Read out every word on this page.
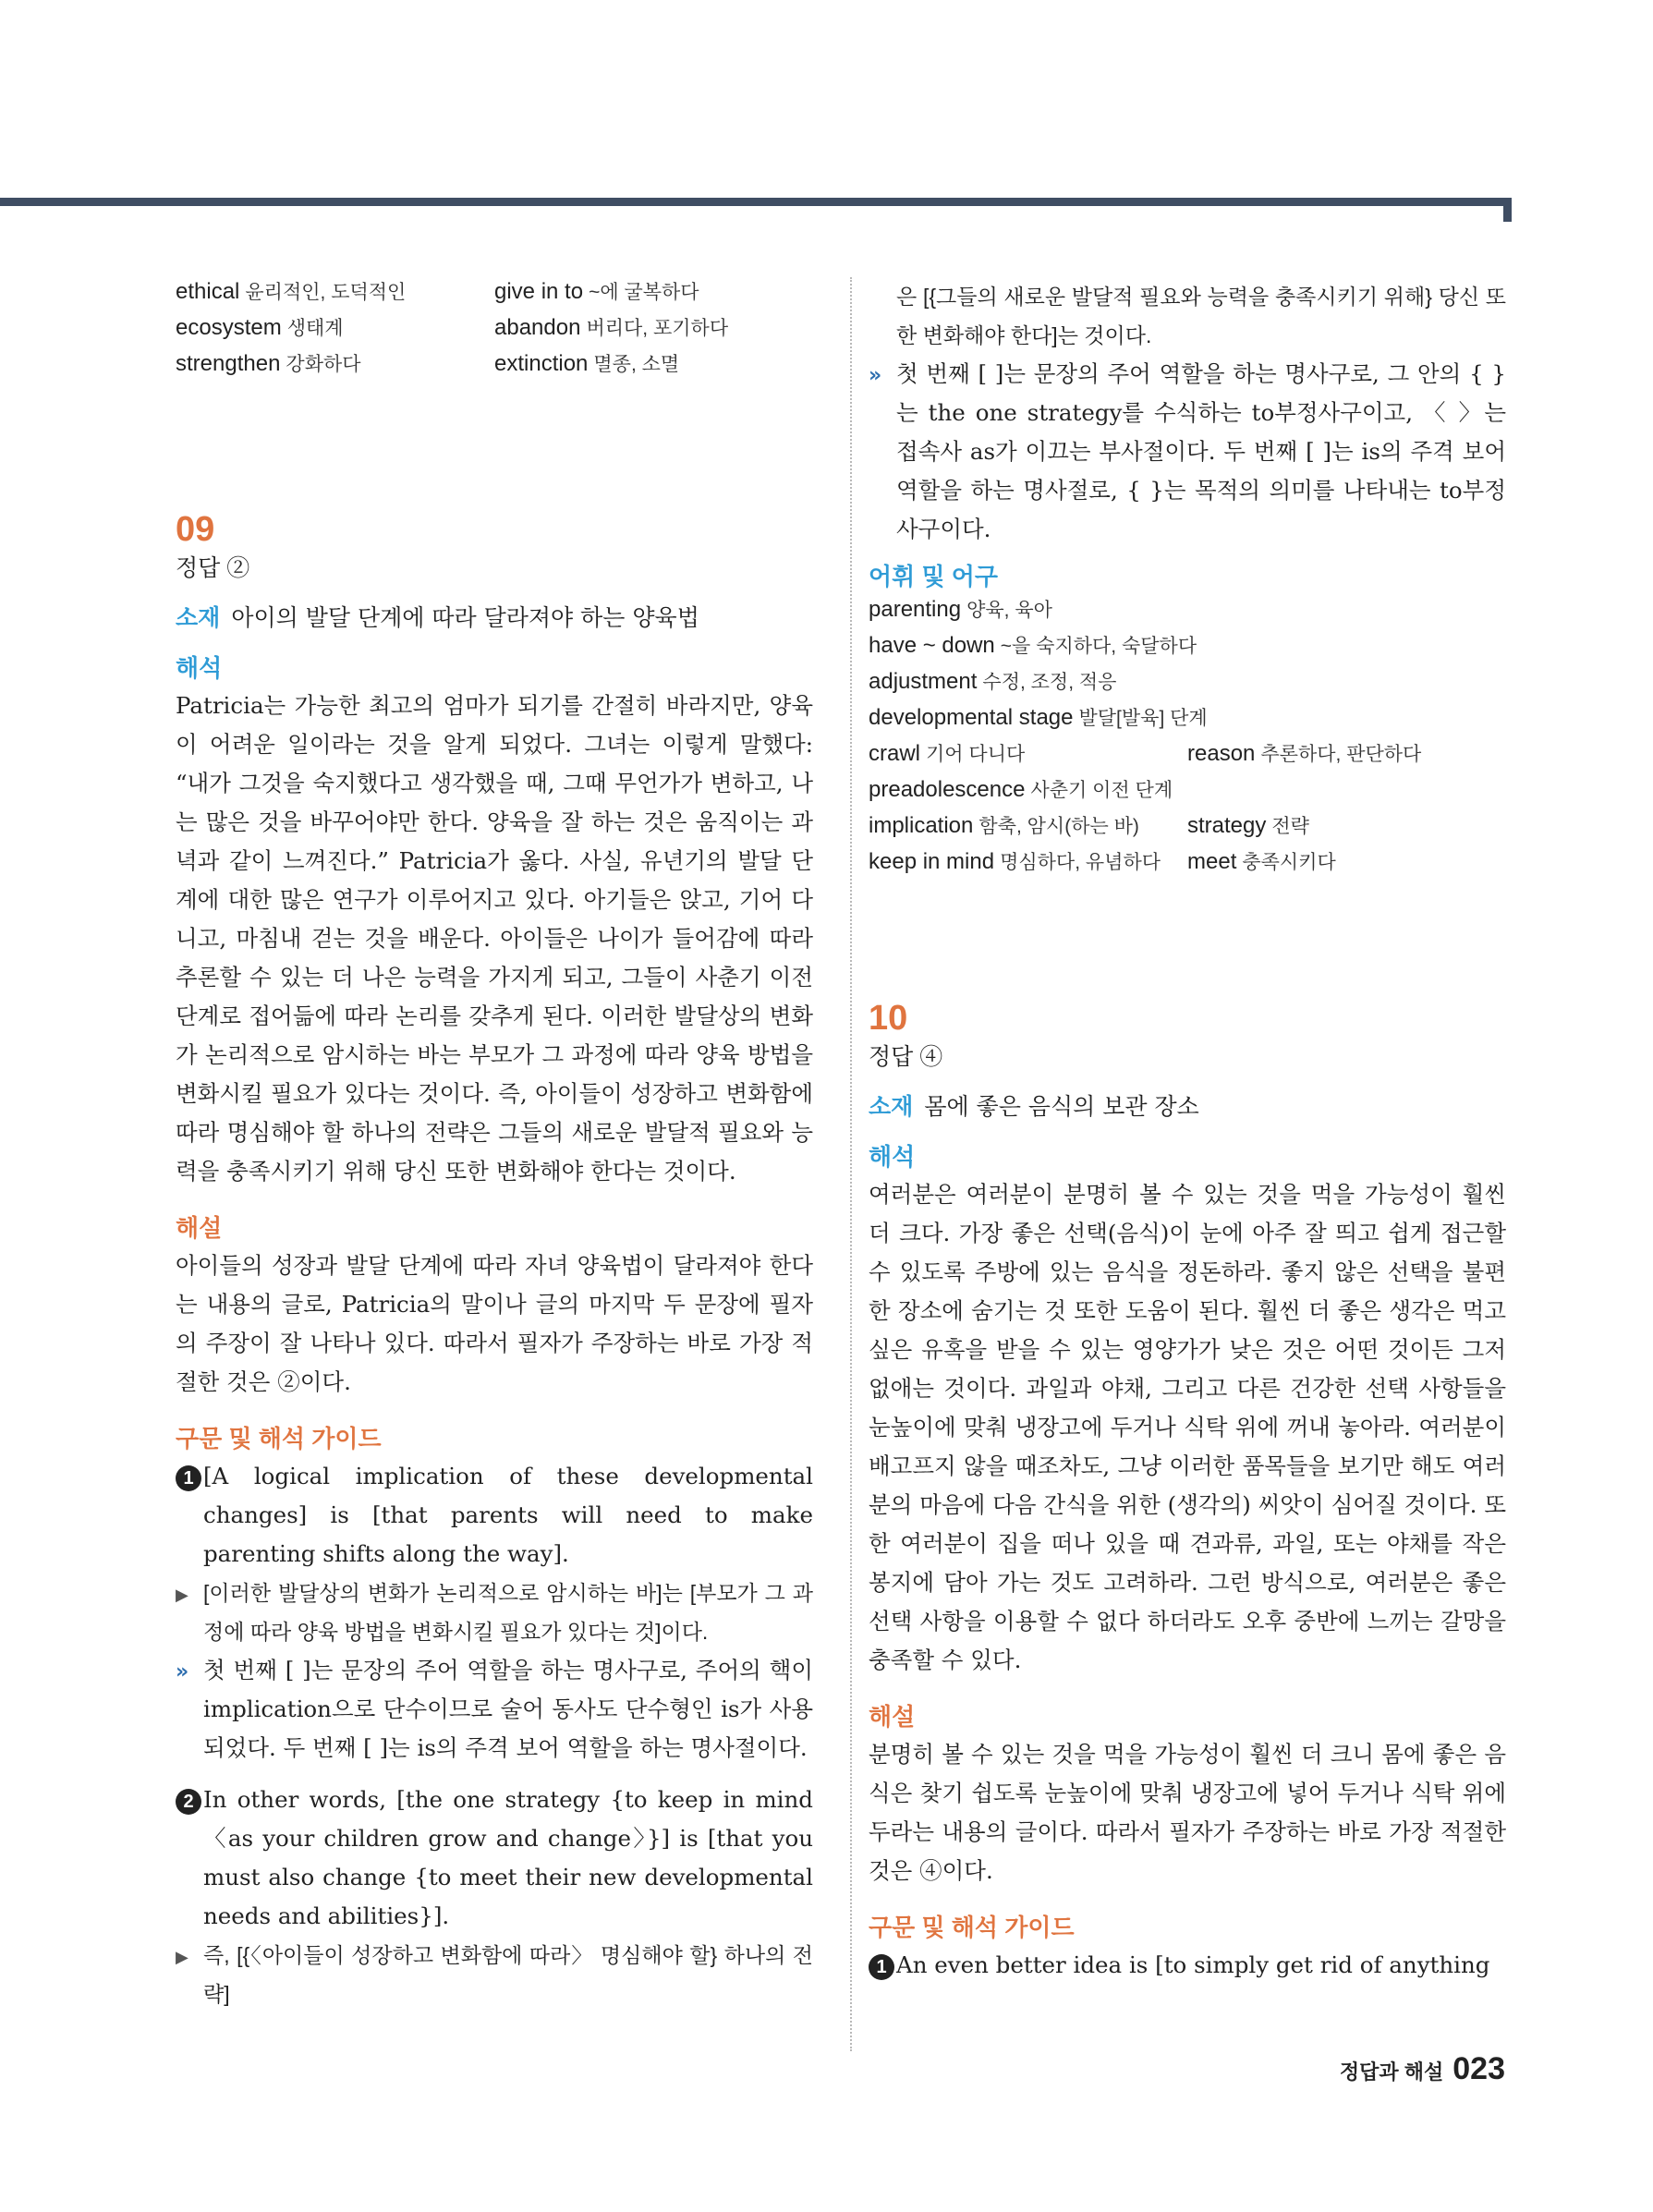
ethical 윤리적인, 도덕적인	give in to ~에 굴복하다
ecosystem 생태계	abandon 버리다, 포기하다
strengthen 강화하다	extinction 멸종, 소멸
09
정답 ②
소재 아이의 발달 단계에 따라 달라져야 하는 양육법
해석
Patricia는 가능한 최고의 엄마가 되기를 간절히 바라지만, 양육이 어려운 일이라는 것을 알게 되었다. 그녀는 이렇게 말했다: “내가 그것을 숙지했다고 생각했을 때, 그때 무언가가 변하고, 나는 많은 것을 바꾸어야만 한다. 양육을 잘 하는 것은 움직이는 과녁과 같이 느껴진다.” Patricia가 옳다. 사실, 유년기의 발달 단계에 대한 많은 연구가 이루어지고 있다. 아기들은 앉고, 기어 다니고, 마침내 걷는 것을 배운다. 아이들은 나이가 들어감에 따라 추론할 수 있는 더 나은 능력을 가지게 되고, 그들이 사춘기 이전 단계로 접어듦에 따라 논리를 갖추게 된다. 이러한 발달상의 변화가 논리적으로 암시하는 바는 부모가 그 과정에 따라 양육 방법을 변화시킬 필요가 있다는 것이다. 즉, 아이들이 성장하고 변화함에 따라 명심해야 할 하나의 전략은 그들의 새로운 발달적 필요와 능력을 충족시키기 위해 당신 또한 변화해야 한다는 것이다.
해설
아이들의 성장과 발달 단계에 따라 자녀 양육법이 달라져야 한다는 내용의 글로, Patricia의 말이나 글의 마지막 두 문장에 필자의 주장이 잘 나타나 있다. 따라서 필자가 주장하는 바로 가장 적절한 것은 ②이다.
구문 및 해석 가이드
1 [A logical implication of these developmental changes] is [that parents will need to make parenting shifts along the way].
▶ [이러한 발달상의 변화가 논리적으로 암시하는 바]는 [부모가 그 과정에 따라 양육 방법을 변화시킬 필요가 있다는 것]이다.
» 첫 번째 [ ]는 문장의 주어 역할을 하는 명사구로, 주어의 핵이 implication으로 단수이므로 술어 동사도 단수형인 is가 사용되었다. 두 번째 [ ]는 is의 주격 보어 역할을 하는 명사절이다.
2 In other words, [the one strategy {to keep in mind 〈as your children grow and change〉}] is [that you must also change {to meet their new developmental needs and abilities}].
▶ 즉, [{〈아이들이 성장하고 변화함에 따라〉 명심해야 할} 하나의 전략]
은 [{그들의 새로운 발달적 필요와 능력을 충족시키기 위해} 당신 또한 변화해야 한다]는 것이다.
» 첫 번째 [ ]는 문장의 주어 역할을 하는 명사구로, 그 안의 { }는 the one strategy를 수식하는 to부정사구이고, 〈 〉는 접속사 as가 이끄는 부사절이다. 두 번째 [ ]는 is의 주격 보어 역할을 하는 명사절로, { }는 목적의 의미를 나타내는 to부정사구이다.
어휘 및 어구
parenting 양육, 육아
have ~ down ~을 숙지하다, 숙달하다
adjustment 수정, 조정, 적응
developmental stage 발달[발육] 단계
crawl 기어 다니다	reason 추론하다, 판단하다
preadolescence 사춘기 이전 단계
implication 함축, 암시(하는 바)	strategy 전략
keep in mind 명심하다, 유념하다	meet 충족시키다
10
정답 ④
소재 몸에 좋은 음식의 보관 장소
해석
여러분은 여러분이 분명히 볼 수 있는 것을 먹을 가능성이 훨씬 더 크다. 가장 좋은 선택(음식)이 눈에 아주 잘 띄고 쉽게 접근할 수 있도록 주방에 있는 음식을 정돈하라. 좋지 않은 선택을 불편한 장소에 숨기는 것 또한 도움이 된다. 훨씬 더 좋은 생각은 먹고 싶은 유혹을 받을 수 있는 영양가가 낮은 것은 어떤 것이든 그저 없애는 것이다. 과일과 야채, 그리고 다른 건강한 선택 사항들을 눈높이에 맞춰 냉장고에 두거나 식탁 위에 꺼내 놓아라. 여러분이 배고프지 않을 때조차도, 그냥 이러한 품목들을 보기만 해도 여러분의 마음에 다음 간식을 위한 (생각의) 씨앗이 심어질 것이다. 또한 여러분이 집을 떠나 있을 때 견과류, 과일, 또는 야채를 작은 봉지에 담아 가는 것도 고려하라. 그런 방식으로, 여러분은 좋은 선택 사항을 이용할 수 없다 하더라도 오후 중반에 느끼는 갈망을 충족할 수 있다.
해설
분명히 볼 수 있는 것을 먹을 가능성이 훨씬 더 크니 몸에 좋은 음식은 찾기 쉽도록 눈높이에 맞춰 냉장고에 넣어 두거나 식탁 위에 두라는 내용의 글이다. 따라서 필자가 주장하는 바로 가장 적절한 것은 ④이다.
구문 및 해석 가이드
1 An even better idea is [to simply get rid of anything
정답과 해설 023
